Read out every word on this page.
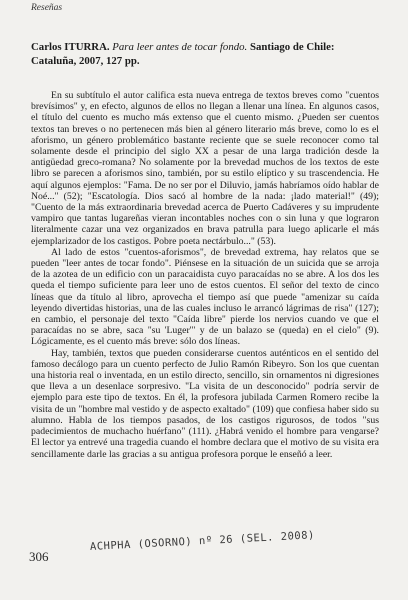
Reseñas
Carlos ITURRA. Para leer antes de tocar fondo. Santiago de Chile: Cataluña, 2007, 127 pp.

En su subtítulo el autor califica esta nueva entrega de textos breves como "cuentos brevísimos" y, en efecto, algunos de ellos no llegan a llenar una línea. En algunos casos, el título del cuento es mucho más extenso que el cuento mismo. ¿Pueden ser cuentos textos tan breves o no pertenecen más bien al género literario más breve, como lo es el aforismo, un género problemático bastante reciente que se suele reconocer como tal solamente desde el principio del siglo XX a pesar de una larga tradición desde la antigüedad greco-romana? No solamente por la brevedad muchos de los textos de este libro se parecen a aforismos sino, también, por su estilo elíptico y su trascendencia. He aquí algunos ejemplos: "Fama. De no ser por el Diluvio, jamás habríamos oído hablar de Noé..." (52); "Escatología. Dios sacó al hombre de la nada: ¡lado material!" (49); "Cuento de la más extraordinaria brevedad acerca de Puerto Cadáveres y su imprudente vampiro que tantas lugareñas vieran incontables noches con o sin luna y que lograron literalmente cazar una vez organizados en brava patrulla para luego aplicarle el más ejemplarizador de los castigos. Pobre poeta nectárbulo..." (53).

Al lado de estos "cuentos-aforismos", de brevedad extrema, hay relatos que se pueden "leer antes de tocar fondo". Piénsese en la situación de un suicida que se arroja de la azotea de un edificio con un paracaidista cuyo paracaídas no se abre. A los dos les queda el tiempo suficiente para leer uno de estos cuentos. El señor del texto de cinco líneas que da título al libro, aprovecha el tiempo así que puede "amenizar su caída leyendo divertidas historias, una de las cuales incluso le arrancó lágrimas de risa" (127); en cambio, el personaje del texto "Caída libre" pierde los nervios cuando ve que el paracaídas no se abre, saca "su 'Luger'" y de un balazo se (queda) en el cielo" (9). Lógicamente, es el cuento más breve: sólo dos líneas.

Hay, también, textos que pueden considerarse cuentos auténticos en el sentido del famoso decálogo para un cuento perfecto de Julio Ramón Ribeyro. Son los que cuentan una historia real o inventada, en un estilo directo, sencillo, sin ornamentos ni digresiones que lleva a un desenlace sorpresivo. "La visita de un desconocido" podría servir de ejemplo para este tipo de textos. En él, la profesora jubilada Carmen Romero recibe la visita de un "hombre mal vestido y de aspecto exaltado" (109) que confiesa haber sido su alumno. Habla de los tiempos pasados, de los castigos rigurosos, de todos "sus padecimientos de muchacho huérfano" (111). ¿Habrá venido el hombre para vengarse? El lector ya entrevé una tragedia cuando el hombre declara que el motivo de su visita era sencillamente darle las gracias a su antigua profesora porque le enseñó a leer.

306
ACHPHA (OSORNO) nº 26 (SEL. 2008)
